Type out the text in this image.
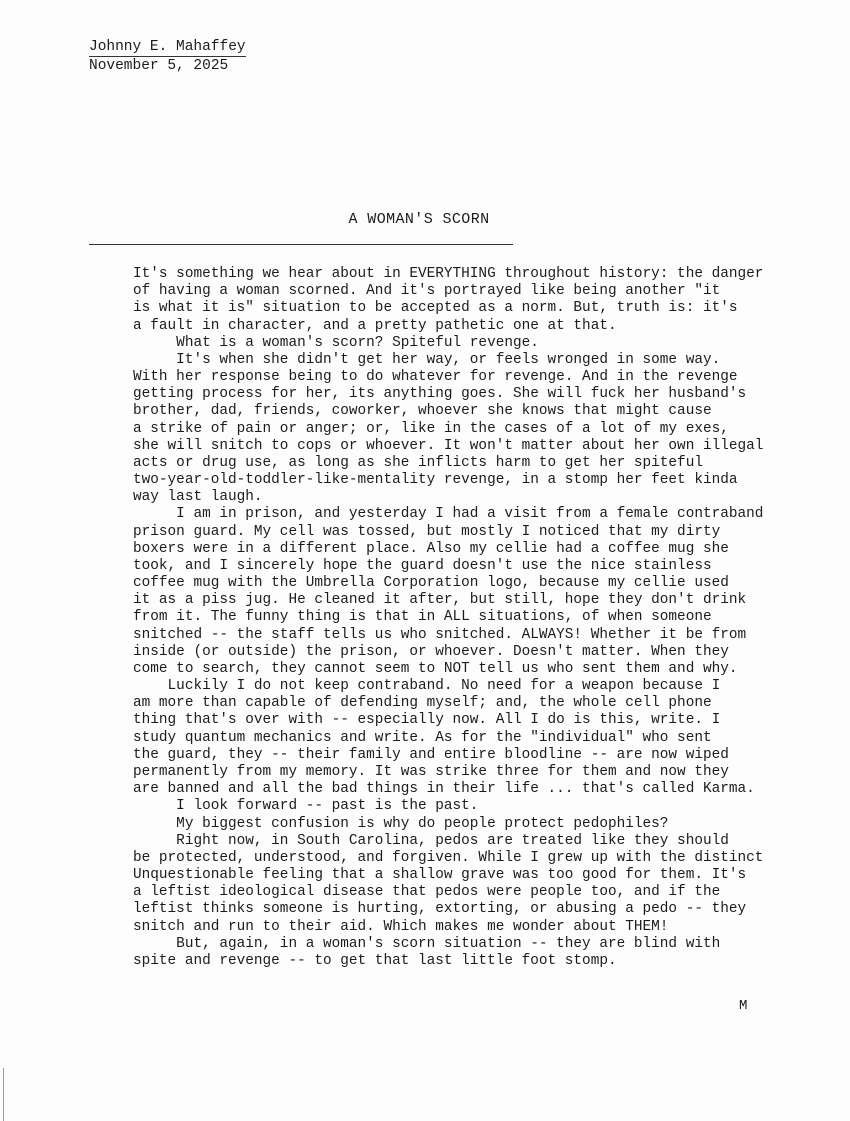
Johnny E. Mahaffey
November 5, 2025
A WOMAN'S SCORN
It's something we hear about in EVERYTHING throughout history: the danger
of having a woman scorned. And it's portrayed like being another "it
is what it is" situation to be accepted as a norm. But, truth is: it's
a fault in character, and a pretty pathetic one at that.
What is a woman's scorn? Spiteful revenge.
It's when she didn't get her way, or feels wronged in some way.
With her response being to do whatever for revenge. And in the revenge
getting process for her, its anything goes. She will fuck her husband's
brother, dad, friends, coworker, whoever she knows that might cause
a strike of pain or anger; or, like in the cases of a lot of my exes,
she will snitch to cops or whoever. It won't matter about her own illegal
acts or drug use, as long as she inflicts harm to get her spiteful
two-year-old-toddler-like-mentality revenge, in a stomp her feet kinda
way last laugh.
I am in prison, and yesterday I had a visit from a female contraband
prison guard. My cell was tossed, but mostly I noticed that my dirty
boxers were in a different place. Also my cellie had a coffee mug she
took, and I sincerely hope the guard doesn't use the nice stainless
coffee mug with the Umbrella Corporation logo, because my cellie used
it as a piss jug. He cleaned it after, but still, hope they don't drink
from it. The funny thing is that in ALL situations, of when someone
snitched -- the staff tells us who snitched. ALWAYS! Whether it be from
inside (or outside) the prison, or whoever. Doesn't matter. When they
come to search, they cannot seem to NOT tell us who sent them and why.
Luckily I do not keep contraband. No need for a weapon because I
am more than capable of defending myself; and, the whole cell phone
thing that's over with -- especially now. All I do is this, write. I
study quantum mechanics and write. As for the "individual" who sent
the guard, they -- their family and entire bloodline -- are now wiped
permanently from my memory. It was strike three for them and now they
are banned and all the bad things in their life ... that's called Karma.
I look forward -- past is the past.
My biggest confusion is why do people protect pedophiles?
Right now, in South Carolina, pedos are treated like they should
be protected, understood, and forgiven. While I grew up with the distinct
Unquestionable feeling that a shallow grave was too good for them. It's
a leftist ideological disease that pedos were people too, and if the
leftist thinks someone is hurting, extorting, or abusing a pedo -- they
snitch and run to their aid. Which makes me wonder about THEM!
But, again, in a woman's scorn situation -- they are blind with
spite and revenge -- to get that last little foot stomp.
M
